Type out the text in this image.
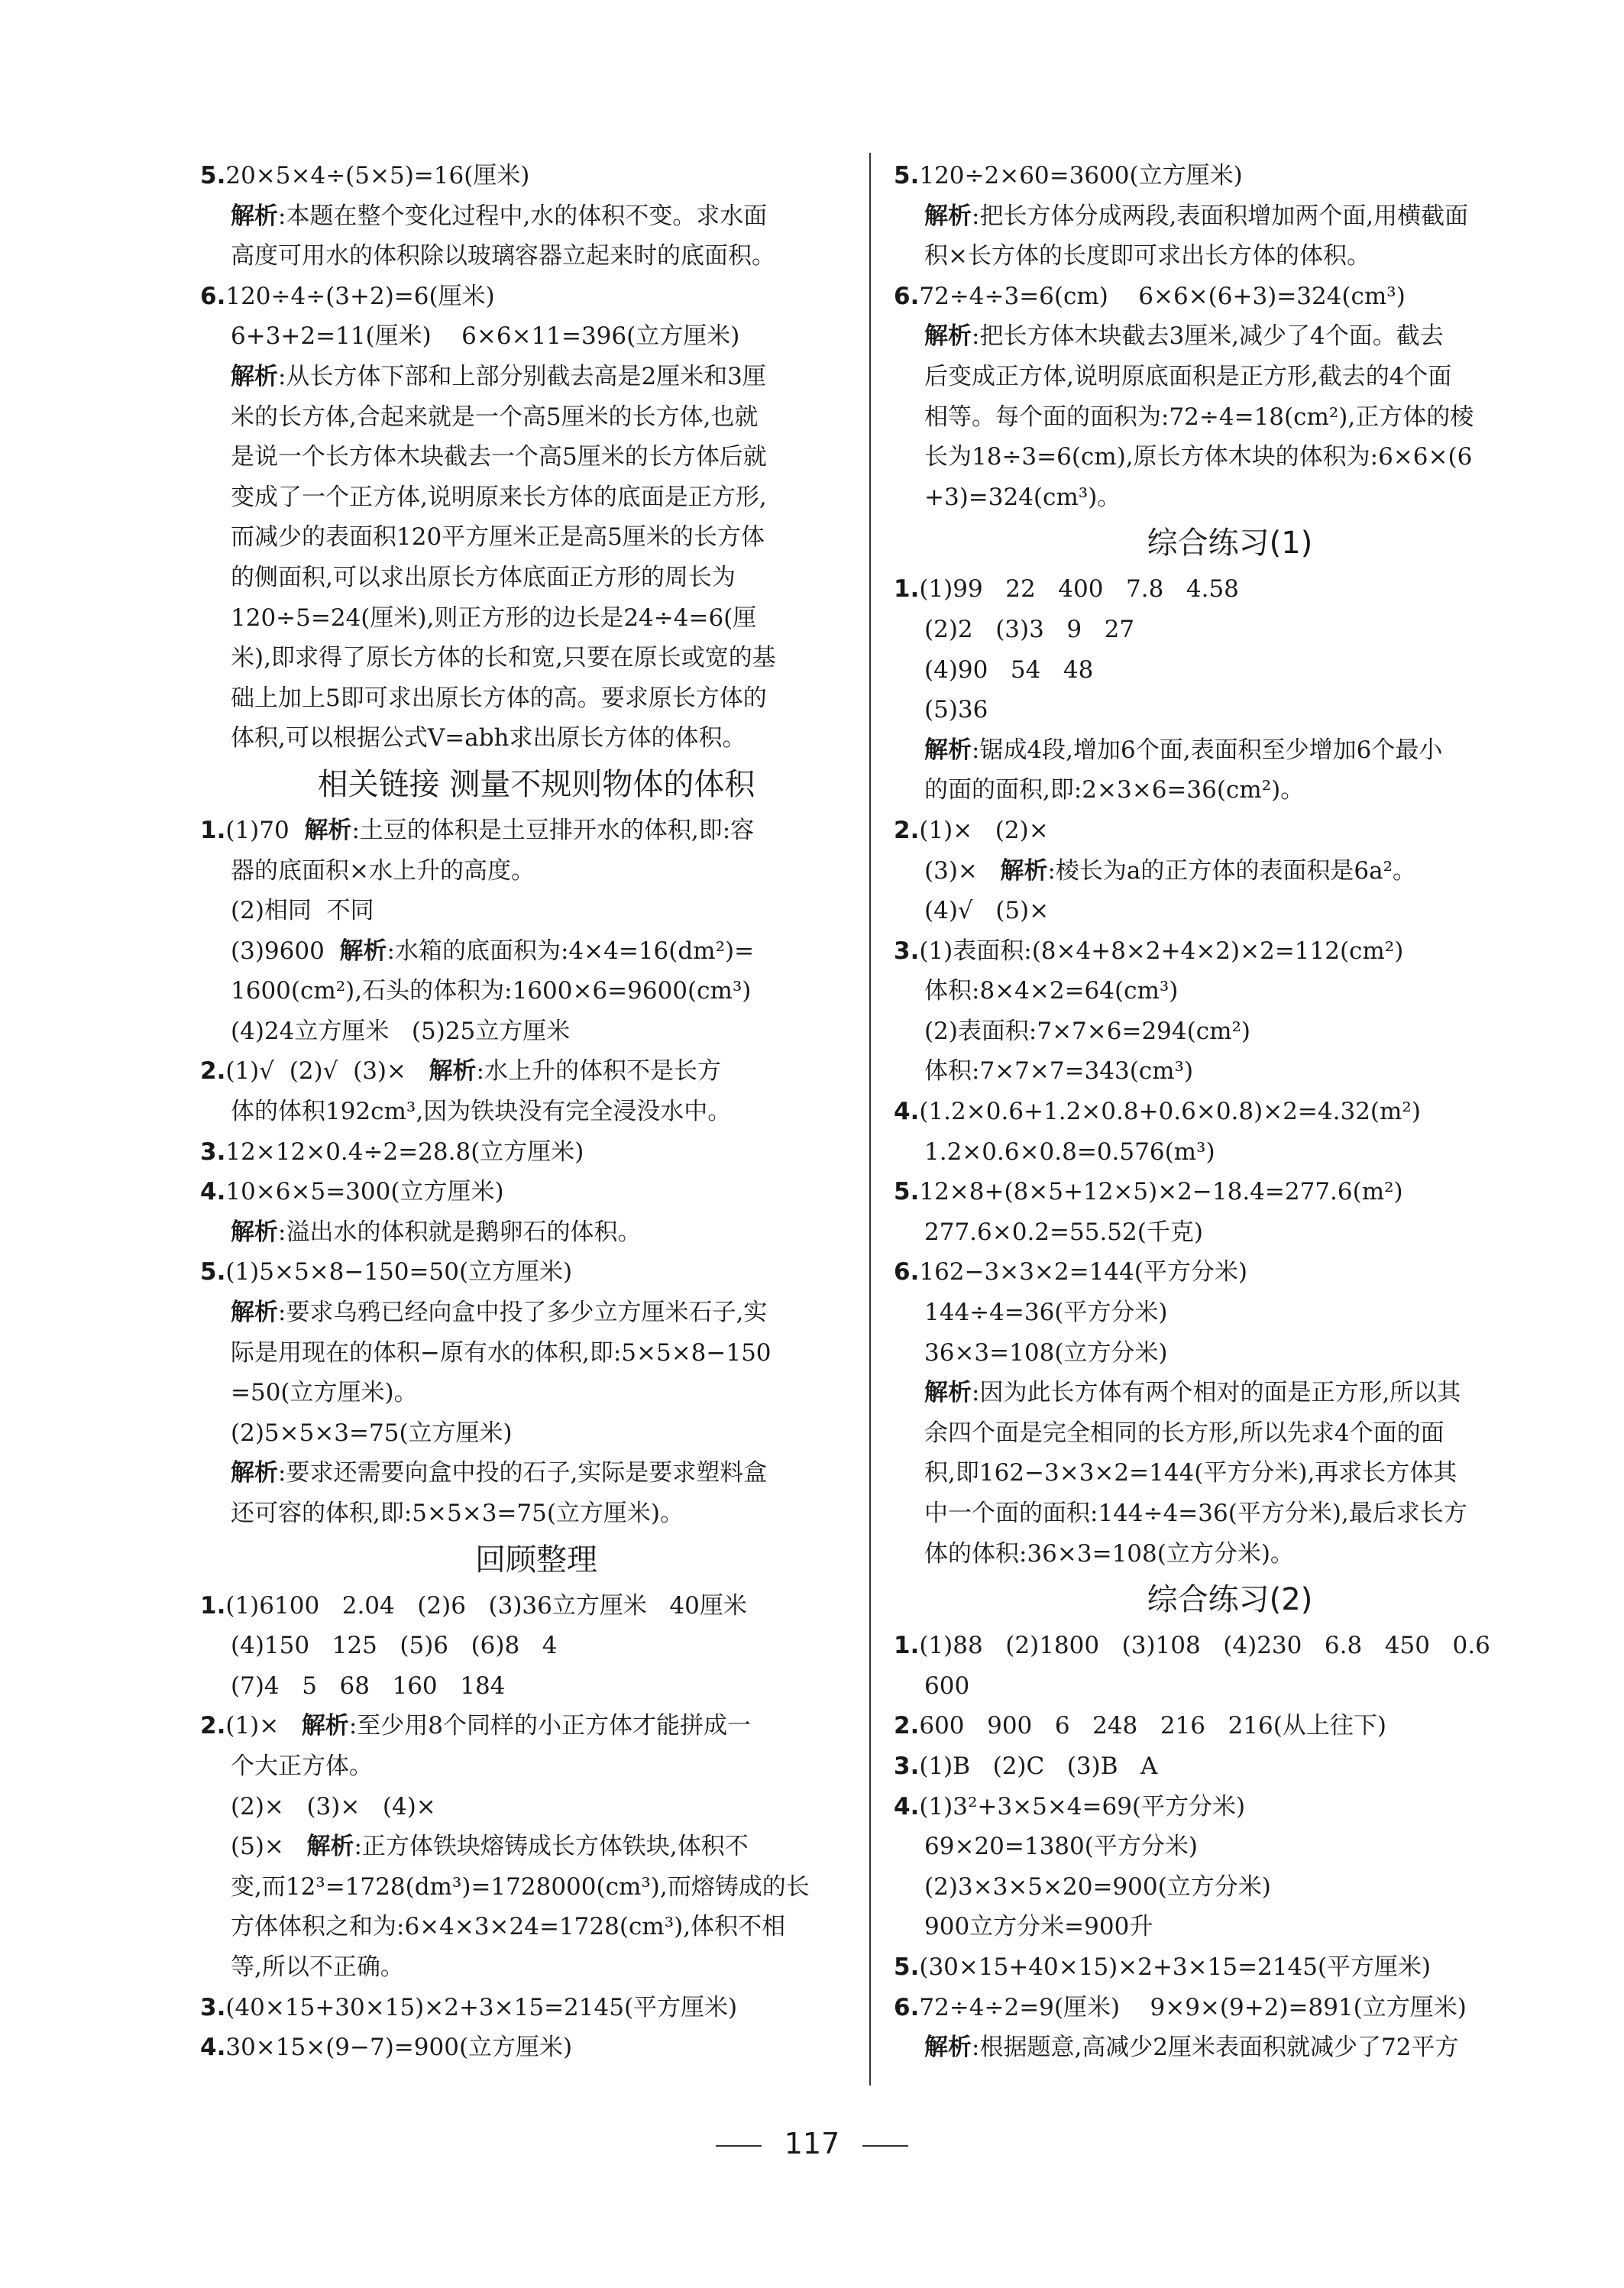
5.20×5×4÷(5×5)=16(厘米)
解析:本题在整个变化过程中,水的体积不变。求水面
高度可用水的体积除以玻璃容器立起来时的底面积。
6.120÷4÷(3+2)=6(厘米)
6+3+2=11(厘米)    6×6×11=396(立方厘米)
解析:从长方体下部和上部分别截去高是2厘米和3厘
米的长方体,合起来就是一个高5厘米的长方体,也就
是说一个长方体木块截去一个高5厘米的长方体后就
变成了一个正方体,说明原来长方体的底面是正方形,
而减少的表面积120平方厘米正是高5厘米的长方体
的侧面积,可以求出原长方体底面正方形的周长为
120÷5=24(厘米),则正方形的边长是24÷4=6(厘
米),即求得了原长方体的长和宽,只要在原长或宽的基
础上加上5即可求出原长方体的高。要求原长方体的
体积,可以根据公式V=abh求出原长方体的体积。
相关链接 测量不规则物体的体积
1.(1)70  解析:土豆的体积是土豆排开水的体积,即:容
器的底面积×水上升的高度。
(2)相同  不同
(3)9600  解析:水箱的底面积为:4×4=16(dm²)=
1600(cm²),石头的体积为:1600×6=9600(cm³)
(4)24立方厘米   (5)25立方厘米
2.(1)√  (2)√  (3)×   解析:水上升的体积不是长方
体的体积192cm³,因为铁块没有完全浸没水中。
3.12×12×0.4÷2=28.8(立方厘米)
4.10×6×5=300(立方厘米)
解析:溢出水的体积就是鹅卵石的体积。
5.(1)5×5×8−150=50(立方厘米)
解析:要求乌鸦已经向盒中投了多少立方厘米石子,实
际是用现在的体积−原有水的体积,即:5×5×8−150
=50(立方厘米)。
(2)5×5×3=75(立方厘米)
解析:要求还需要向盒中投的石子,实际是要求塑料盒
还可容的体积,即:5×5×3=75(立方厘米)。
回顾整理
1.(1)6100   2.04   (2)6   (3)36立方厘米   40厘米
(4)150   125   (5)6   (6)8   4
(7)4   5   68   160   184
2.(1)×   解析:至少用8个同样的小正方体才能拼成一
个大正方体。
(2)×   (3)×   (4)×
(5)×   解析:正方体铁块熔铸成长方体铁块,体积不
变,而12³=1728(dm³)=1728000(cm³),而熔铸成的长
方体体积之和为:6×4×3×24=1728(cm³),体积不相
等,所以不正确。
3.(40×15+30×15)×2+3×15=2145(平方厘米)
4.30×15×(9−7)=900(立方厘米)
5.120÷2×60=3600(立方厘米)
解析:把长方体分成两段,表面积增加两个面,用横截面
积×长方体的长度即可求出长方体的体积。
6.72÷4÷3=6(cm)    6×6×(6+3)=324(cm³)
解析:把长方体木块截去3厘米,减少了4个面。截去
后变成正方体,说明原底面积是正方形,截去的4个面
相等。每个面的面积为:72÷4=18(cm²),正方体的棱
长为18÷3=6(cm),原长方体木块的体积为:6×6×(6
+3)=324(cm³)。
综合练习(1)
1.(1)99   22   400   7.8   4.58
(2)2   (3)3   9   27
(4)90   54   48
(5)36
解析:锯成4段,增加6个面,表面积至少增加6个最小
的面的面积,即:2×3×6=36(cm²)。
2.(1)×   (2)×
(3)×   解析:棱长为a的正方体的表面积是6a²。
(4)√   (5)×
3.(1)表面积:(8×4+8×2+4×2)×2=112(cm²)
体积:8×4×2=64(cm³)
(2)表面积:7×7×6=294(cm²)
体积:7×7×7=343(cm³)
4.(1.2×0.6+1.2×0.8+0.6×0.8)×2=4.32(m²)
1.2×0.6×0.8=0.576(m³)
5.12×8+(8×5+12×5)×2−18.4=277.6(m²)
277.6×0.2=55.52(千克)
6.162−3×3×2=144(平方分米)
144÷4=36(平方分米)
36×3=108(立方分米)
解析:因为此长方体有两个相对的面是正方形,所以其
余四个面是完全相同的长方形,所以先求4个面的面
积,即162−3×3×2=144(平方分米),再求长方体其
中一个面的面积:144÷4=36(平方分米),最后求长方
体的体积:36×3=108(立方分米)。
综合练习(2)
1.(1)88   (2)1800   (3)108   (4)230   6.8   450   0.6
600
2.600   900   6   248   216   216(从上往下)
3.(1)B   (2)C   (3)B   A
4.(1)3²+3×5×4=69(平方分米)
69×20=1380(平方分米)
(2)3×3×5×20=900(立方分米)
900立方分米=900升
5.(30×15+40×15)×2+3×15=2145(平方厘米)
6.72÷4÷2=9(厘米)    9×9×(9+2)=891(立方厘米)
解析:根据题意,高减少2厘米表面积就减少了72平方
117
